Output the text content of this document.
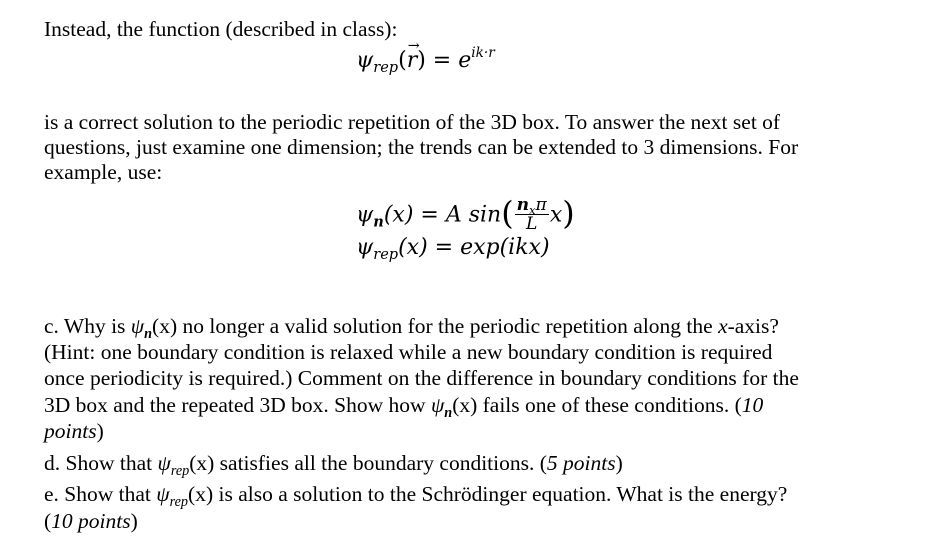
Instead, the function (described in class):
$\psi_{rep}(r$ →) = $e^{ik\cdot r}$
is a correct solution to the periodic repetition of the 3D box. To answer the next set of
questions, just examine one dimension; the trends can be extended to 3 dimensions. For
example, use:
$\psi_n(x) = A$ $\sin( \frac{n_x\pi}{L} x)$
$\psi_{rep}(x) = \exp(ikx)$
c. Why is $\psi_n(x)$ no longer a valid solution for the periodic repetition along the x-axis?
(Hint: one boundary condition is relaxed while a new boundary condition is required
once periodicity is required.) Comment on the difference in boundary conditions for the
3D box and the repeated 3D box. Show how $\psi_n(x)$ fails one of these conditions. (10
points)
d. Show that $\psi_{rep}(x)$ satisfies all the boundary conditions. (5 points)
e. Show that $\psi_{rep}(x)$ is also a solution to the Schrödinger equation. What is the energy?
(10 points)
